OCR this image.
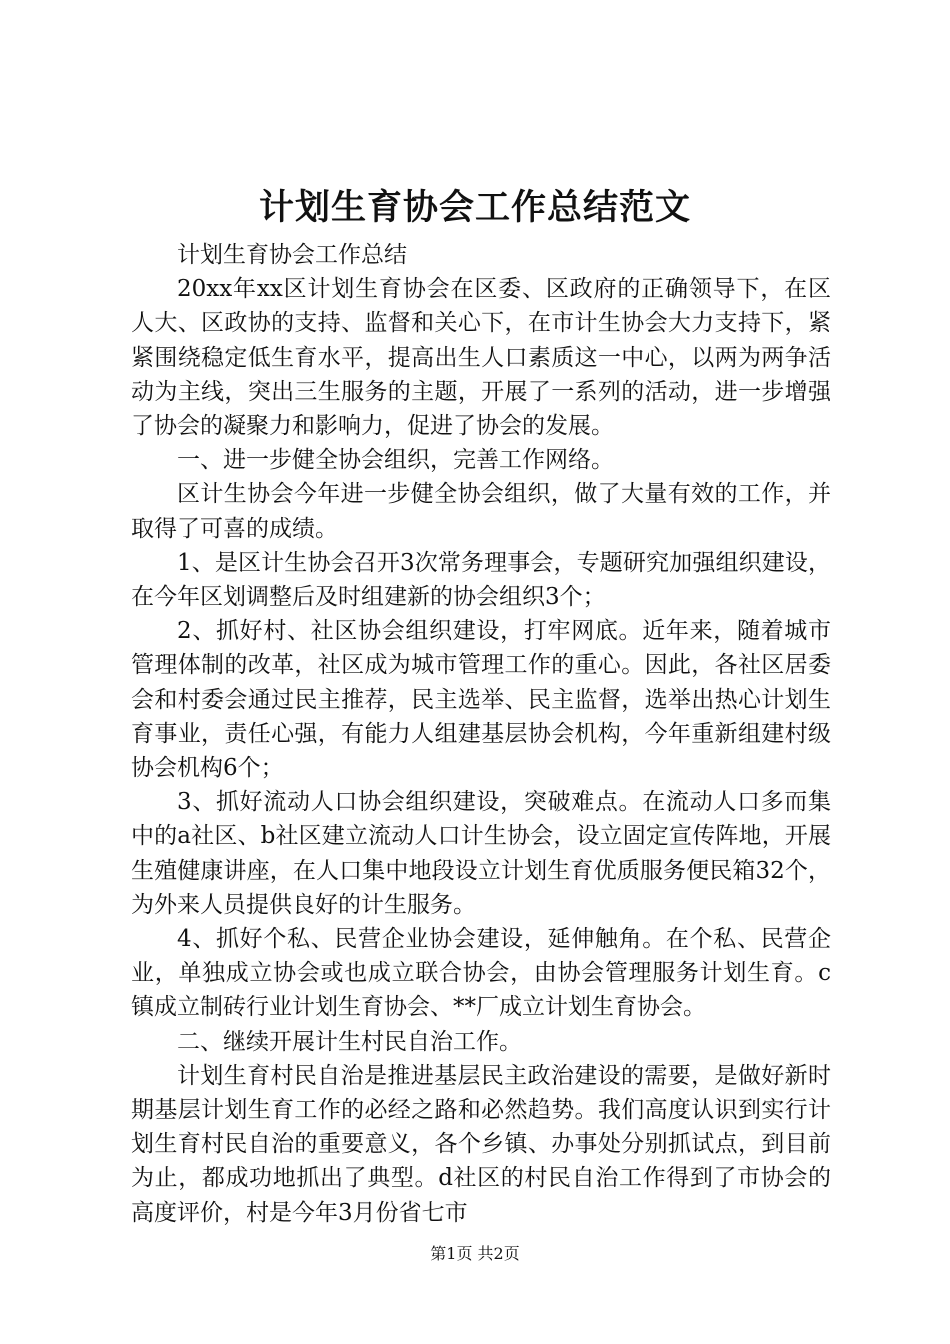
计划生育协会工作总结范文

计划生育协会工作总结

20xx年xx区计划生育协会在区委、区政府的正确领导下，在区人大、区政协的支持、监督和关心下，在市计生协会大力支持下，紧紧围绕稳定低生育水平，提高出生人口素质这一中心，以两为两争活动为主线，突出三生服务的主题，开展了一系列的活动，进一步增强了协会的凝聚力和影响力，促进了协会的发展。

一、进一步健全协会组织，完善工作网络。

区计生协会今年进一步健全协会组织，做了大量有效的工作，并取得了可喜的成绩。

1、是区计生协会召开3次常务理事会，专题研究加强组织建设，在今年区划调整后及时组建新的协会组织3个；

2、抓好村、社区协会组织建设，打牢网底。近年来，随着城市管理体制的改革，社区成为城市管理工作的重心。因此，各社区居委会和村委会通过民主推荐，民主选举、民主监督，选举出热心计划生育事业，责任心强，有能力人组建基层协会机构，今年重新组建村级协会机构6个；

3、抓好流动人口协会组织建设，突破难点。在流动人口多而集中的a社区、b社区建立流动人口计生协会，设立固定宣传阵地，开展生殖健康讲座，在人口集中地段设立计划生育优质服务便民箱32个，为外来人员提供良好的计生服务。

4、抓好个私、民营企业协会建设，延伸触角。在个私、民营企业，单独成立协会或也成立联合协会，由协会管理服务计划生育。c镇成立制砖行业计划生育协会、**厂成立计划生育协会。

二、继续开展计生村民自治工作。

计划生育村民自治是推进基层民主政治建设的需要，是做好新时期基层计划生育工作的必经之路和必然趋势。我们高度认识到实行计划生育村民自治的重要意义，各个乡镇、办事处分别抓试点，到目前为止，都成功地抓出了典型。d社区的村民自治工作得到了市协会的高度评价，村是今年3月份省七市

第1页 共2页
